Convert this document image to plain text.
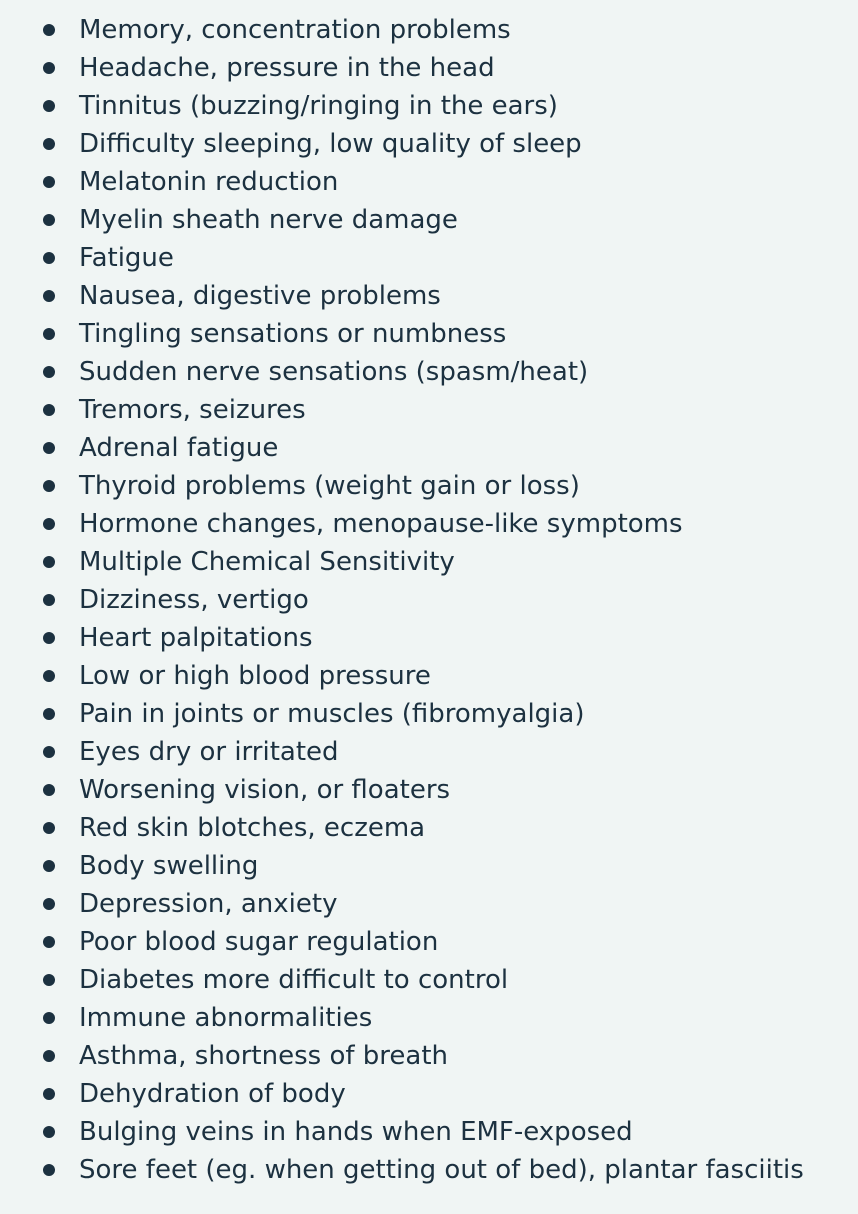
Memory, concentration problems
Headache, pressure in the head
Tinnitus (buzzing/ringing in the ears)
Difficulty sleeping, low quality of sleep
Melatonin reduction
Myelin sheath nerve damage
Fatigue
Nausea, digestive problems
Tingling sensations or numbness
Sudden nerve sensations (spasm/heat)
Tremors, seizures
Adrenal fatigue
Thyroid problems (weight gain or loss)
Hormone changes, menopause-like symptoms
Multiple Chemical Sensitivity
Dizziness, vertigo
Heart palpitations
Low or high blood pressure
Pain in joints or muscles (fibromyalgia)
Eyes dry or irritated
Worsening vision, or floaters
Red skin blotches, eczema
Body swelling
Depression, anxiety
Poor blood sugar regulation
Diabetes more difficult to control
Immune abnormalities
Asthma, shortness of breath
Dehydration of body
Bulging veins in hands when EMF-exposed
Sore feet (eg. when getting out of bed), plantar fasciitis
